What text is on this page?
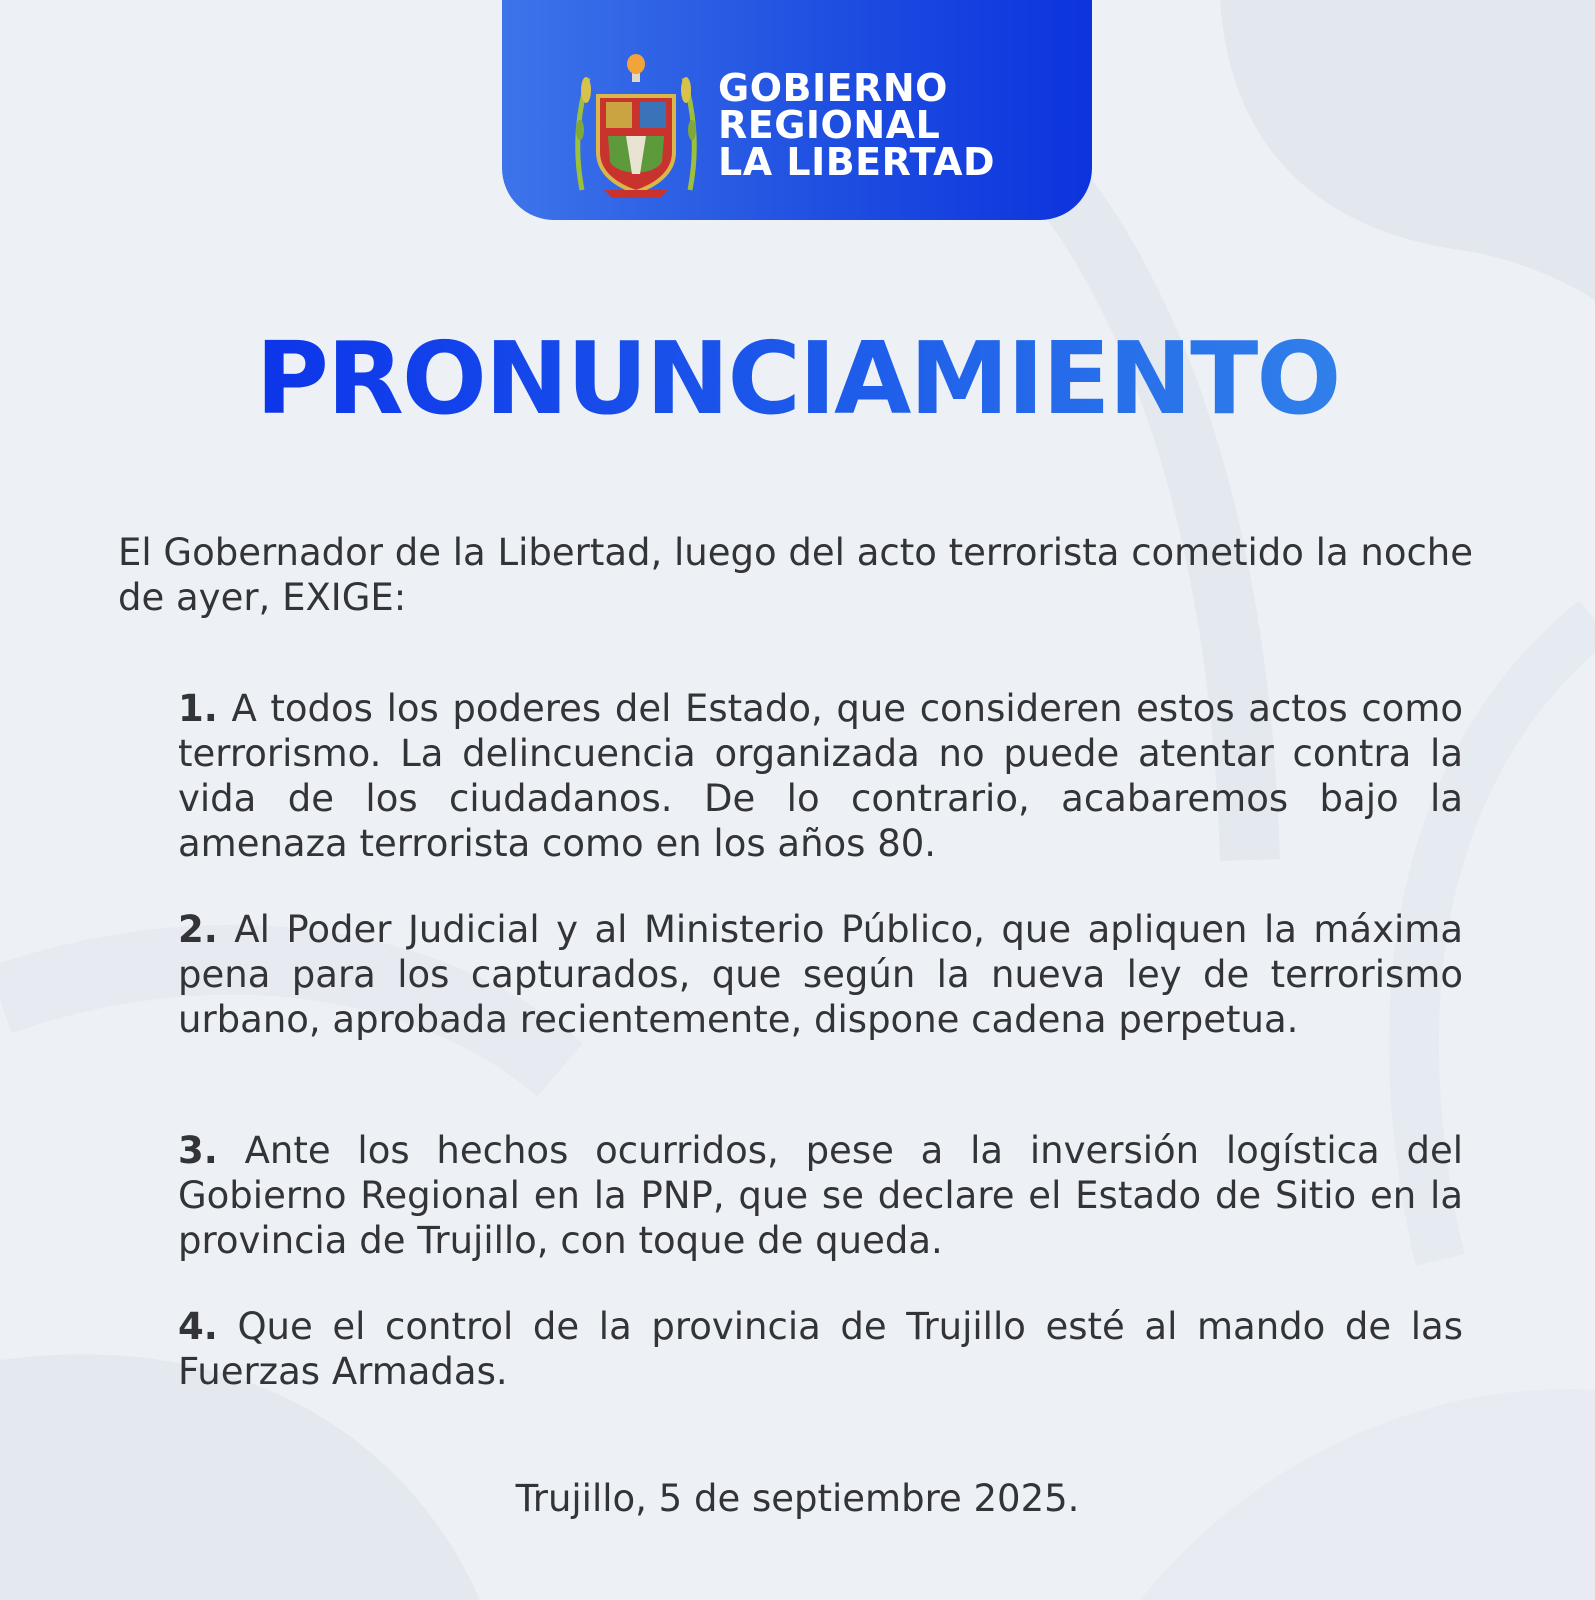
GOBIERNO
REGIONAL
LA LIBERTAD

PRONUNCIAMIENTO

El Gobernador de la Libertad, luego del acto terrorista cometido la noche de ayer, EXIGE:

1. A todos los poderes del Estado, que consideren estos actos como terrorismo. La delincuencia organizada no puede atentar contra la vida de los ciudadanos. De lo contrario, acabaremos bajo la amenaza terrorista como en los años 80.

2. Al Poder Judicial y al Ministerio Público, que apliquen la máxima pena para los capturados, que según la nueva ley de terrorismo urbano, aprobada recientemente, dispone cadena perpetua.

3. Ante los hechos ocurridos, pese a la inversión logística del Gobierno Regional en la PNP, que se declare el Estado de Sitio en la provincia de Trujillo, con toque de queda.

4. Que el control de la provincia de Trujillo esté al mando de las Fuerzas Armadas.

Trujillo, 5 de septiembre 2025.
